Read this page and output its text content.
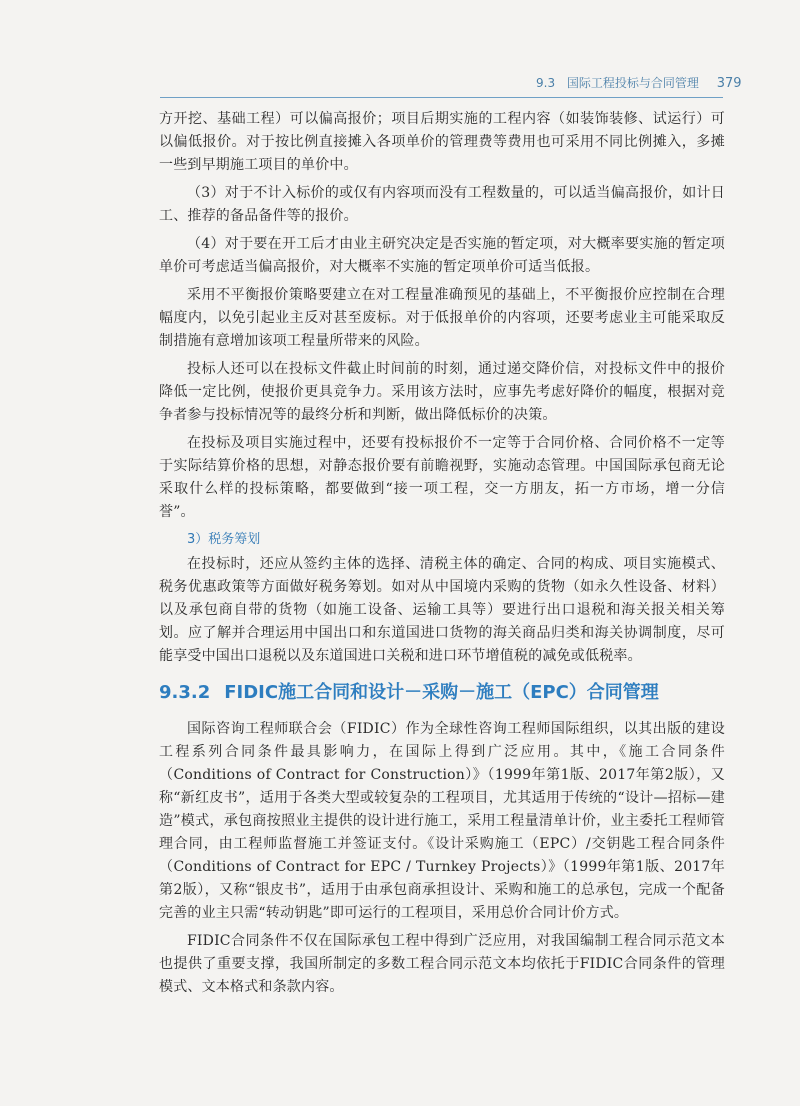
9.3 国际工程投标与合同管理 379

方开挖、基础工程）可以偏高报价；项目后期实施的工程内容（如装饰装修、试运行）可以偏低报价。对于按比例直接摊入各项单价的管理费等费用也可采用不同比例摊入，多摊一些到早期施工项目的单价中。

（3）对于不计入标价的或仅有内容项而没有工程数量的，可以适当偏高报价，如计日工、推荐的备品备件等的报价。

（4）对于要在开工后才由业主研究决定是否实施的暂定项，对大概率要实施的暂定项单价可考虑适当偏高报价，对大概率不实施的暂定项单价可适当低报。

采用不平衡报价策略要建立在对工程量准确预见的基础上，不平衡报价应控制在合理幅度内，以免引起业主反对甚至废标。对于低报单价的内容项，还要考虑业主可能采取反制措施有意增加该项工程量所带来的风险。

投标人还可以在投标文件截止时间前的时刻，通过递交降价信，对投标文件中的报价降低一定比例，使报价更具竞争力。采用该方法时，应事先考虑好降价的幅度，根据对竞争者参与投标情况等的最终分析和判断，做出降低标价的决策。

在投标及项目实施过程中，还要有投标报价不一定等于合同价格、合同价格不一定等于实际结算价格的思想，对静态报价要有前瞻视野，实施动态管理。中国国际承包商无论采取什么样的投标策略，都要做到“接一项工程，交一方朋友，拓一方市场，增一分信誉”。

3）税务筹划

在投标时，还应从签约主体的选择、清税主体的确定、合同的构成、项目实施模式、税务优惠政策等方面做好税务筹划。如对从中国境内采购的货物（如永久性设备、材料）以及承包商自带的货物（如施工设备、运输工具等）要进行出口退税和海关报关相关筹划。应了解并合理运用中国出口和东道国进口货物的海关商品归类和海关协调制度，尽可能享受中国出口退税以及东道国进口关税和进口环节增值税的减免或低税率。

9.3.2 FIDIC施工合同和设计－采购－施工（EPC）合同管理

国际咨询工程师联合会（FIDIC）作为全球性咨询工程师国际组织，以其出版的建设工程系列合同条件最具影响力，在国际上得到广泛应用。其中，《施工合同条件（Conditions of Contract for Construction）》（1999年第1版、2017年第2版），又称“新红皮书”，适用于各类大型或较复杂的工程项目，尤其适用于传统的“设计—招标—建造”模式，承包商按照业主提供的设计进行施工，采用工程量清单计价，业主委托工程师管理合同，由工程师监督施工并签证支付。《设计采购施工（EPC）/交钥匙工程合同条件（Conditions of Contract for EPC / Turnkey Projects）》（1999年第1版、2017年第2版），又称“银皮书”，适用于由承包商承担设计、采购和施工的总承包，完成一个配备完善的业主只需“转动钥匙”即可运行的工程项目，采用总价合同计价方式。

FIDIC合同条件不仅在国际承包工程中得到广泛应用，对我国编制工程合同示范文本也提供了重要支撑，我国所制定的多数工程合同示范文本均依托于FIDIC合同条件的管理模式、文本格式和条款内容。
